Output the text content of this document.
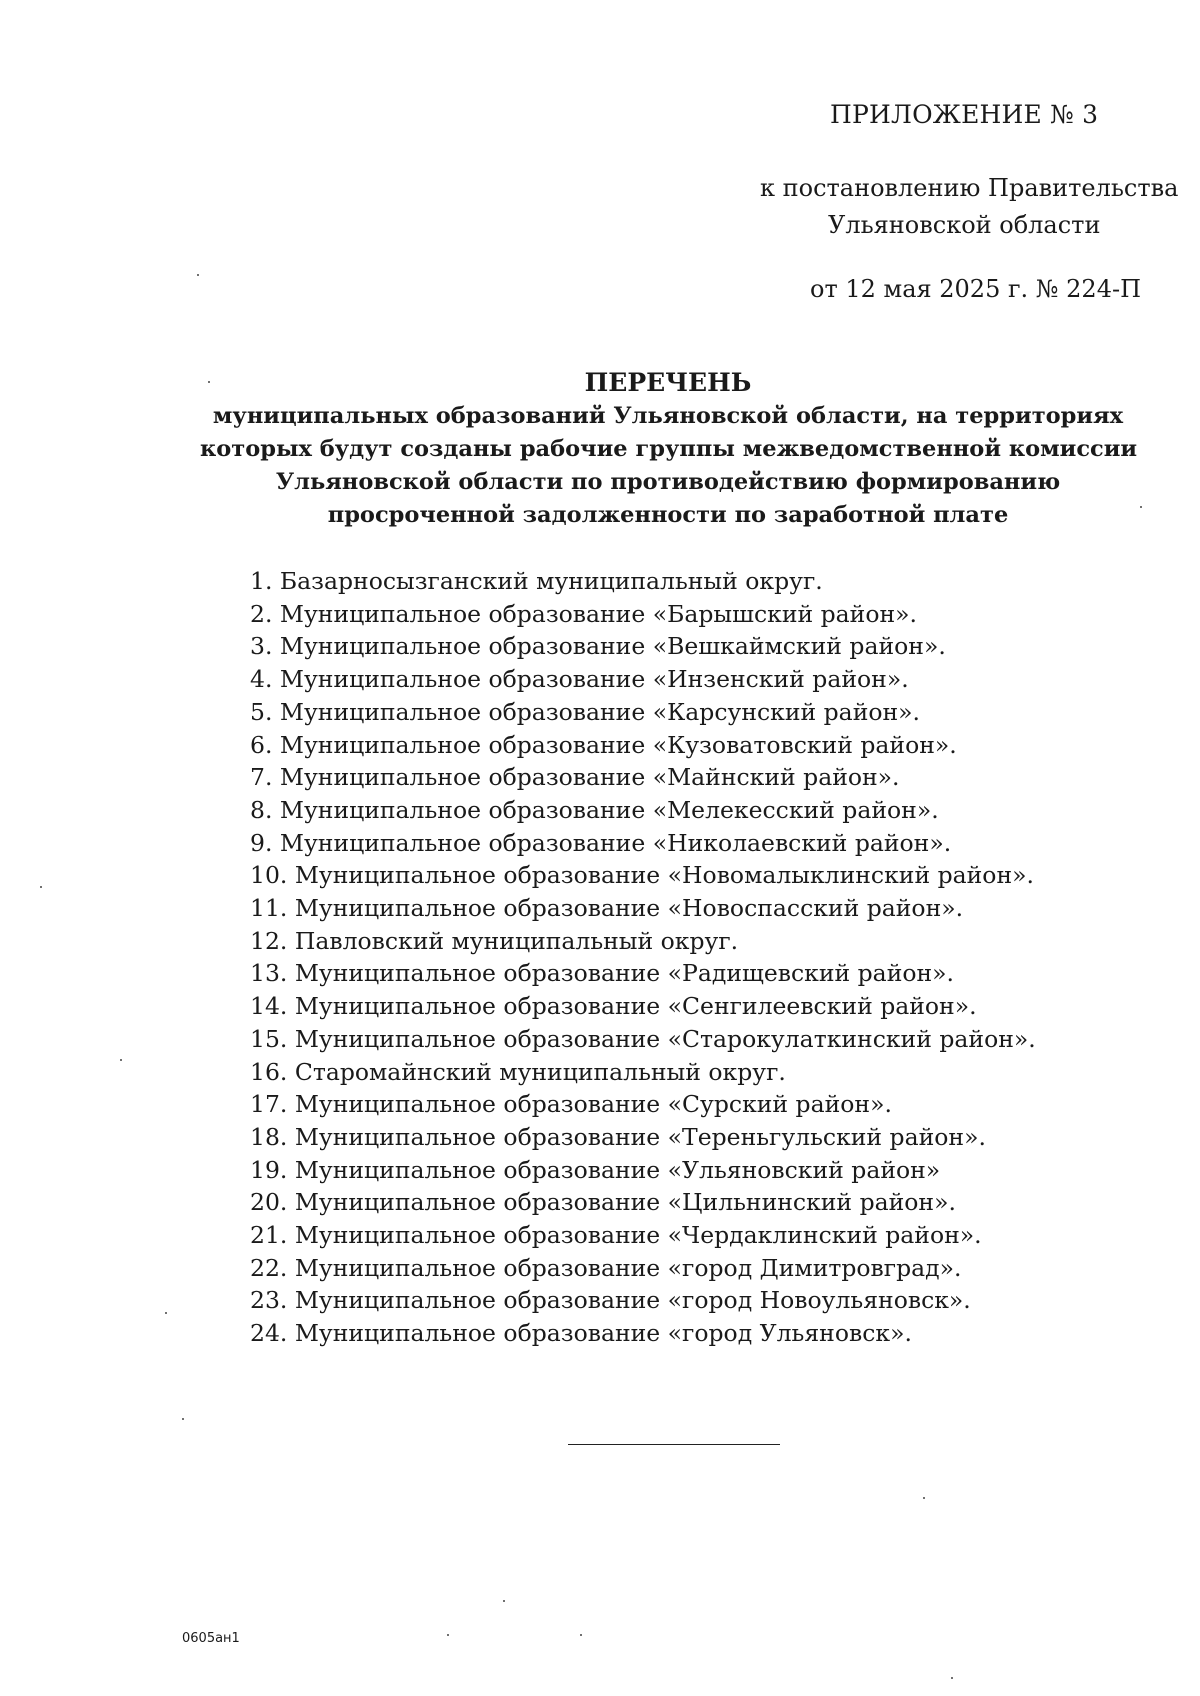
ПРИЛОЖЕНИЕ № 3
к постановлению Правительства
Ульяновской области
от 12 мая 2025 г. № 224-П
ПЕРЕЧЕНЬ
муниципальных образований Ульяновской области, на территориях
которых будут созданы рабочие группы межведомственной комиссии
Ульяновской области по противодействию формированию
просроченной задолженности по заработной плате
1. Базарносызганский муниципальный округ.
2. Муниципальное образование «Барышский район».
3. Муниципальное образование «Вешкаймский район».
4. Муниципальное образование «Инзенский район».
5. Муниципальное образование «Карсунский район».
6. Муниципальное образование «Кузоватовский район».
7. Муниципальное образование «Майнский район».
8. Муниципальное образование «Мелекесский район».
9. Муниципальное образование «Николаевский район».
10. Муниципальное образование «Новомалыклинский район».
11. Муниципальное образование «Новоспасский район».
12. Павловский муниципальный округ.
13. Муниципальное образование «Радищевский район».
14. Муниципальное образование «Сенгилеевский район».
15. Муниципальное образование «Старокулаткинский район».
16. Старомайнский муниципальный округ.
17. Муниципальное образование «Сурский район».
18. Муниципальное образование «Тереньгульский район».
19. Муниципальное образование «Ульяновский район»
20. Муниципальное образование «Цильнинский район».
21. Муниципальное образование «Чердаклинский район».
22. Муниципальное образование «город Димитровград».
23. Муниципальное образование «город Новоульяновск».
24. Муниципальное образование «город Ульяновск».
0605ан1
